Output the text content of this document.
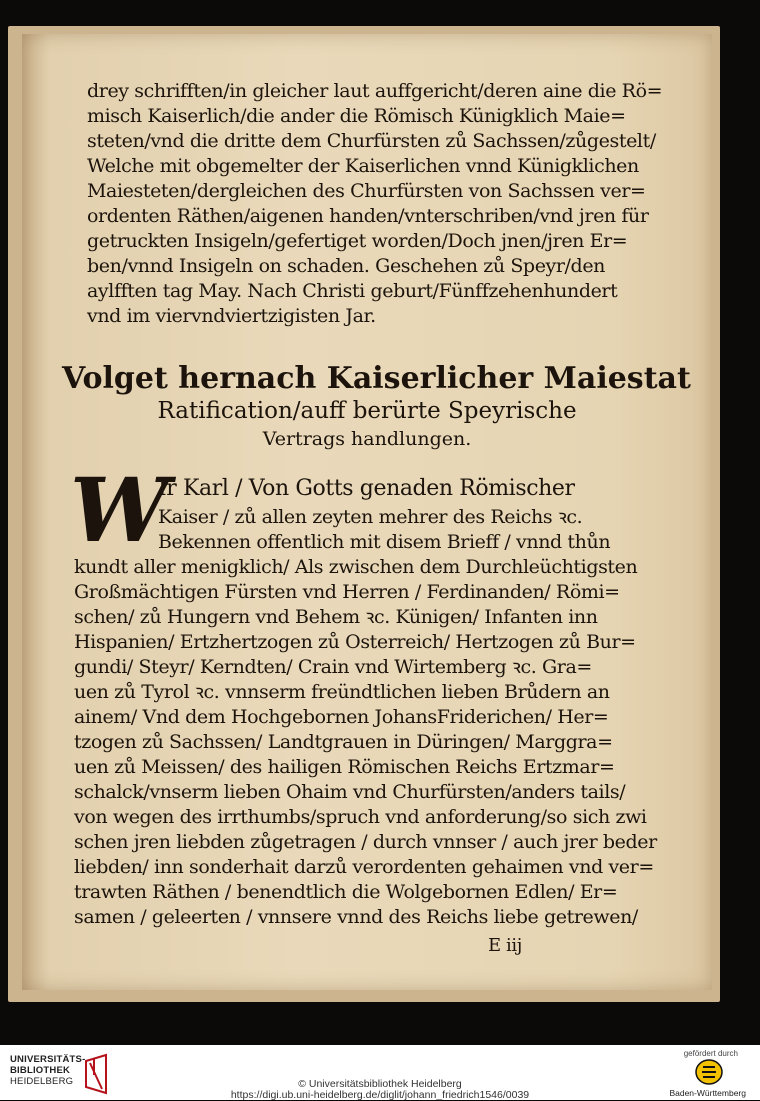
drey schrifften/in gleicher laut auffgericht/deren aine die Rö=
misch Kaiserlich/die ander die Römisch Künigklich Maie=
steten/vnd die dritte dem Churfürsten zů Sachssen/zůgestelt/
Welche mit obgemelter der Kaiserlichen vnnd Künigklichen
Maiesteten/dergleichen des Churfürsten von Sachssen ver=
ordenten Räthen/aigenen handen/vnterschriben/vnd jren für
getruckten Insigeln/gefertiget worden/Doch jnen/jren Er=
ben/vnnd Insigeln on schaden. Geschehen zů Speyr/den
aylfften tag May. Nach Christi geburt/Fünffzehenhundert
vnd im viervndviertzigisten Jar.
Volget hernach Kaiserlicher Maiestat
Ratification/auff berürte Speyrische
Vertrags handlungen.
W
Ir Karl / Von Gotts genaden Römischer
Kaiser / zů allen zeyten mehrer des Reichs ꝛc.
Bekennen offentlich mit disem Brieff / vnnd thůn
kundt aller menigklich/ Als zwischen dem Durchleüchtigsten
Großmächtigen Fürsten vnd Herren / Ferdinanden/ Römi=
schen/ zů Hungern vnd Behem ꝛc. Künigen/ Infanten inn
Hispanien/ Ertzhertzogen zů Osterreich/ Hertzogen zů Bur=
gundi/ Steyr/ Kerndten/ Crain vnd Wirtemberg ꝛc. Gra=
uen zů Tyrol ꝛc. vnnserm freündtlichen lieben Brůdern an
ainem/ Vnd dem Hochgebornen JohansFriderichen/ Her=
tzogen zů Sachssen/ Landtgrauen in Düringen/ Marggra=
uen zů Meissen/ des hailigen Römischen Reichs Ertzmar=
schalck/vnserm lieben Ohaim vnd Churfürsten/anders tails/
von wegen des irrthumbs/spruch vnd anforderung/so sich zwi
schen jren liebden zůgetragen / durch vnnser / auch jrer beder
liebden/ inn sonderhait darzů verordenten gehaimen vnd ver=
trawten Räthen / benendtlich die Wolgebornen Edlen/ Er=
samen / geleerten / vnnsere vnnd des Reichs liebe getrewen/
E iij
UNIVERSITÄTS-
BIBLIOTHEK
HEIDELBERG	© Universitätsbibliothek Heidelberg
https://digi.ub.uni-heidelberg.de/diglit/johann_friedrich1546/0039
gefördert durch
Baden-Württemberg
